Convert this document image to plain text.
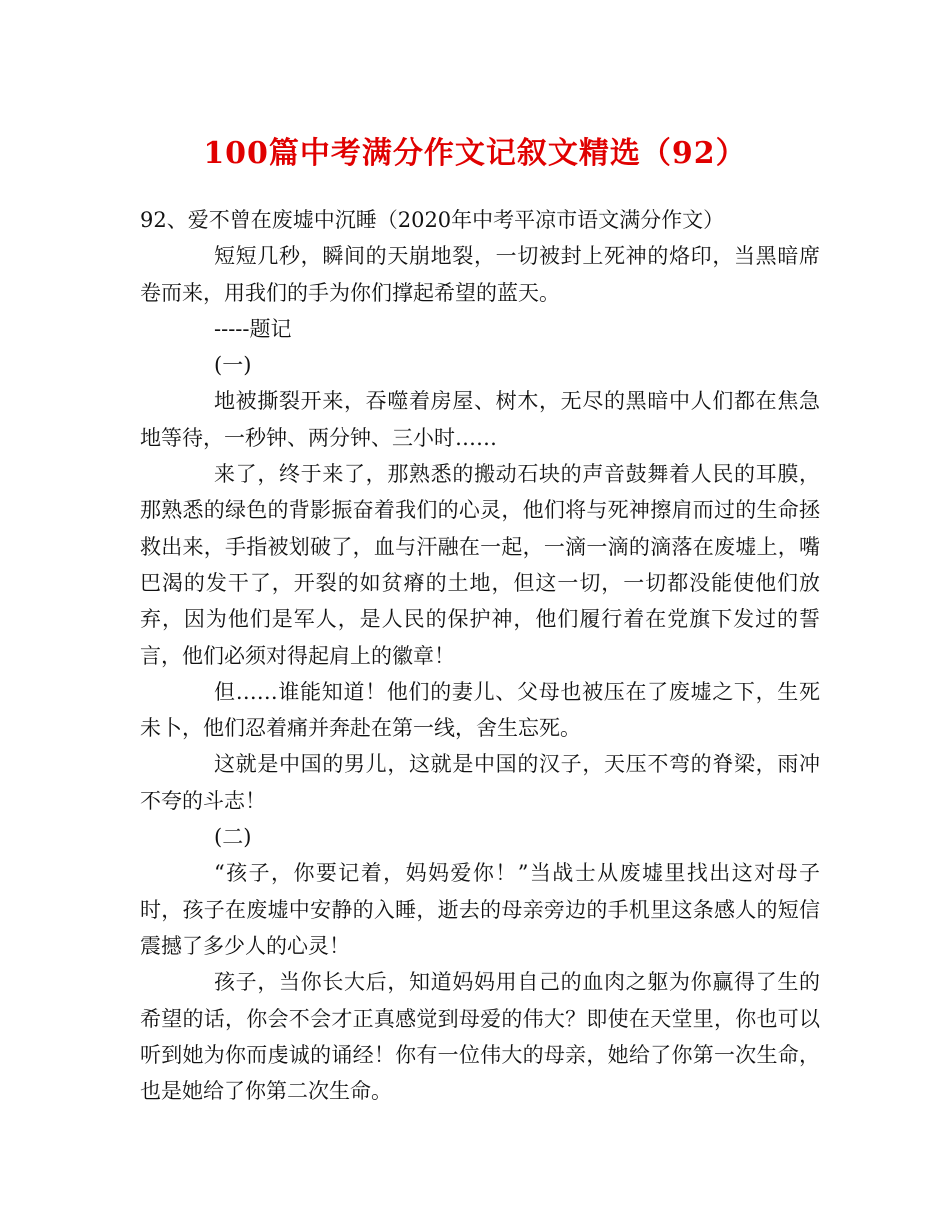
100篇中考满分作文记叙文精选（92）

92、爱不曾在废墟中沉睡（2020年中考平凉市语文满分作文）

短短几秒，瞬间的天崩地裂，一切被封上死神的烙印，当黑暗席卷而来，用我们的手为你们撑起希望的蓝天。

-----题记

(一)

地被撕裂开来，吞噬着房屋、树木，无尽的黑暗中人们都在焦急地等待，一秒钟、两分钟、三小时……

来了，终于来了，那熟悉的搬动石块的声音鼓舞着人民的耳膜，那熟悉的绿色的背影振奋着我们的心灵，他们将与死神擦肩而过的生命拯救出来，手指被划破了，血与汗融在一起，一滴一滴的滴落在废墟上，嘴巴渴的发干了，开裂的如贫瘠的土地，但这一切，一切都没能使他们放弃，因为他们是军人，是人民的保护神，他们履行着在党旗下发过的誓言，他们必须对得起肩上的徽章！

但……谁能知道！他们的妻儿、父母也被压在了废墟之下，生死未卜，他们忍着痛并奔赴在第一线，舍生忘死。

这就是中国的男儿，这就是中国的汉子，天压不弯的脊梁，雨冲不夸的斗志！

(二)

“孩子，你要记着，妈妈爱你！”当战士从废墟里找出这对母子时，孩子在废墟中安静的入睡，逝去的母亲旁边的手机里这条感人的短信震撼了多少人的心灵！

孩子，当你长大后，知道妈妈用自己的血肉之躯为你赢得了生的希望的话，你会不会才正真感觉到母爱的伟大？即使在天堂里，你也可以听到她为你而虔诚的诵经！你有一位伟大的母亲，她给了你第一次生命，也是她给了你第二次生命。
